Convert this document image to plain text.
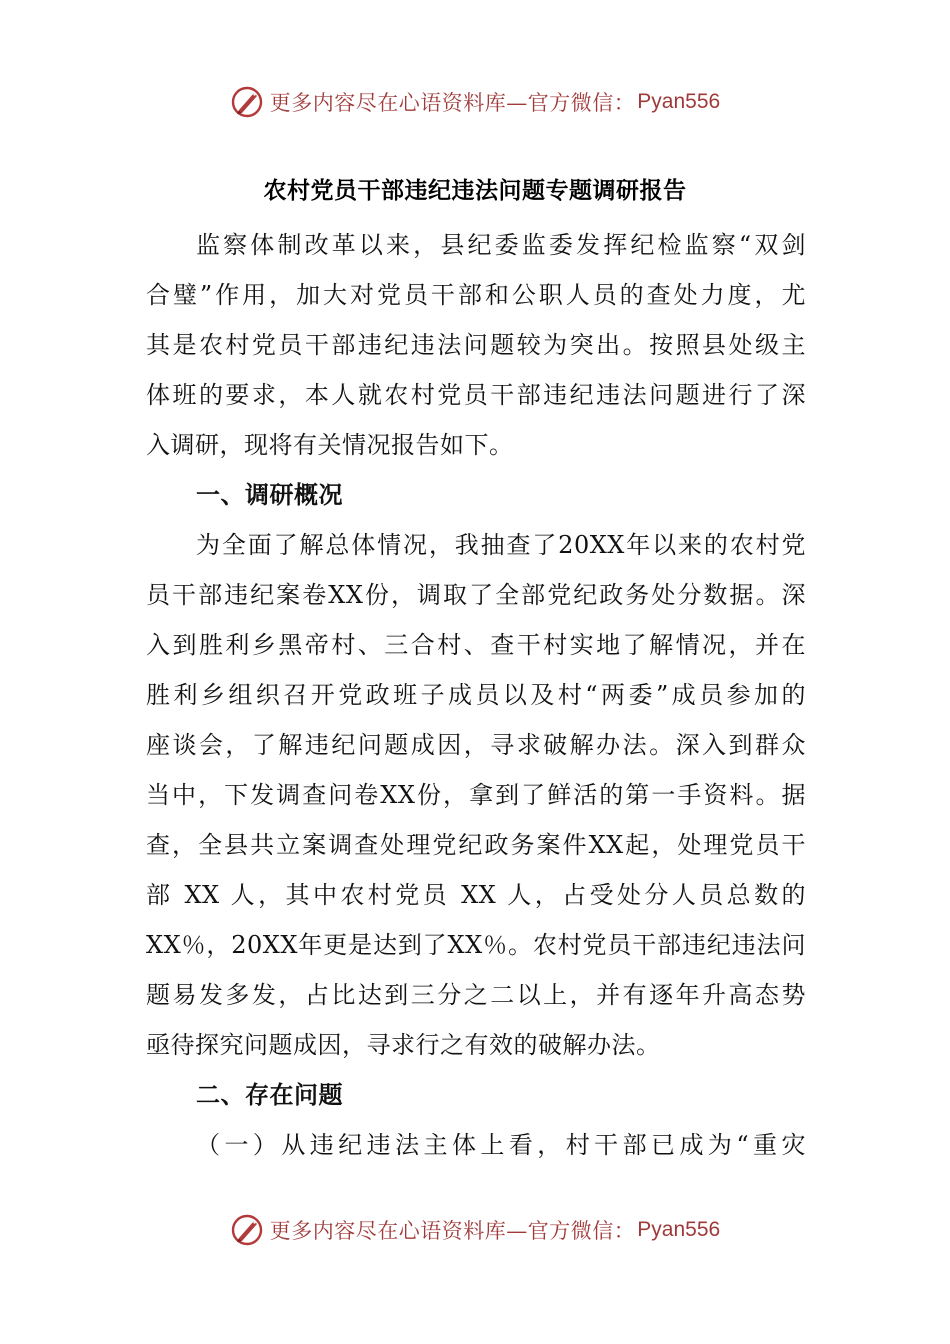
更多内容尽在心语资料库—官方微信： Pyan556
农村党员干部违纪违法问题专题调研报告
监察体制改革以来，县纪委监委发挥纪检监察“双剑
合璧”作用，加大对党员干部和公职人员的查处力度，尤
其是农村党员干部违纪违法问题较为突出。按照县处级主
体班的要求，本人就农村党员干部违纪违法问题进行了深
入调研，现将有关情况报告如下。
一、调研概况
为全面了解总体情况，我抽查了20XX年以来的农村党
员干部违纪案卷XX份，调取了全部党纪政务处分数据。深
入到胜利乡黑帝村、三合村、查干村实地了解情况，并在
胜利乡组织召开党政班子成员以及村“两委”成员参加的
座谈会，了解违纪问题成因，寻求破解办法。深入到群众
当中，下发调查问卷XX份，拿到了鲜活的第一手资料。据
查，全县共立案调查处理党纪政务案件XX起，处理党员干
部 XX 人，其中农村党员 XX 人，占受处分人员总数的
XX％，20XX年更是达到了XX％。农村党员干部违纪违法问
题易发多发，占比达到三分之二以上，并有逐年升高态势
亟待探究问题成因，寻求行之有效的破解办法。
二、存在问题
（一）从违纪违法主体上看，村干部已成为“重灾
更多内容尽在心语资料库—官方微信： Pyan556
